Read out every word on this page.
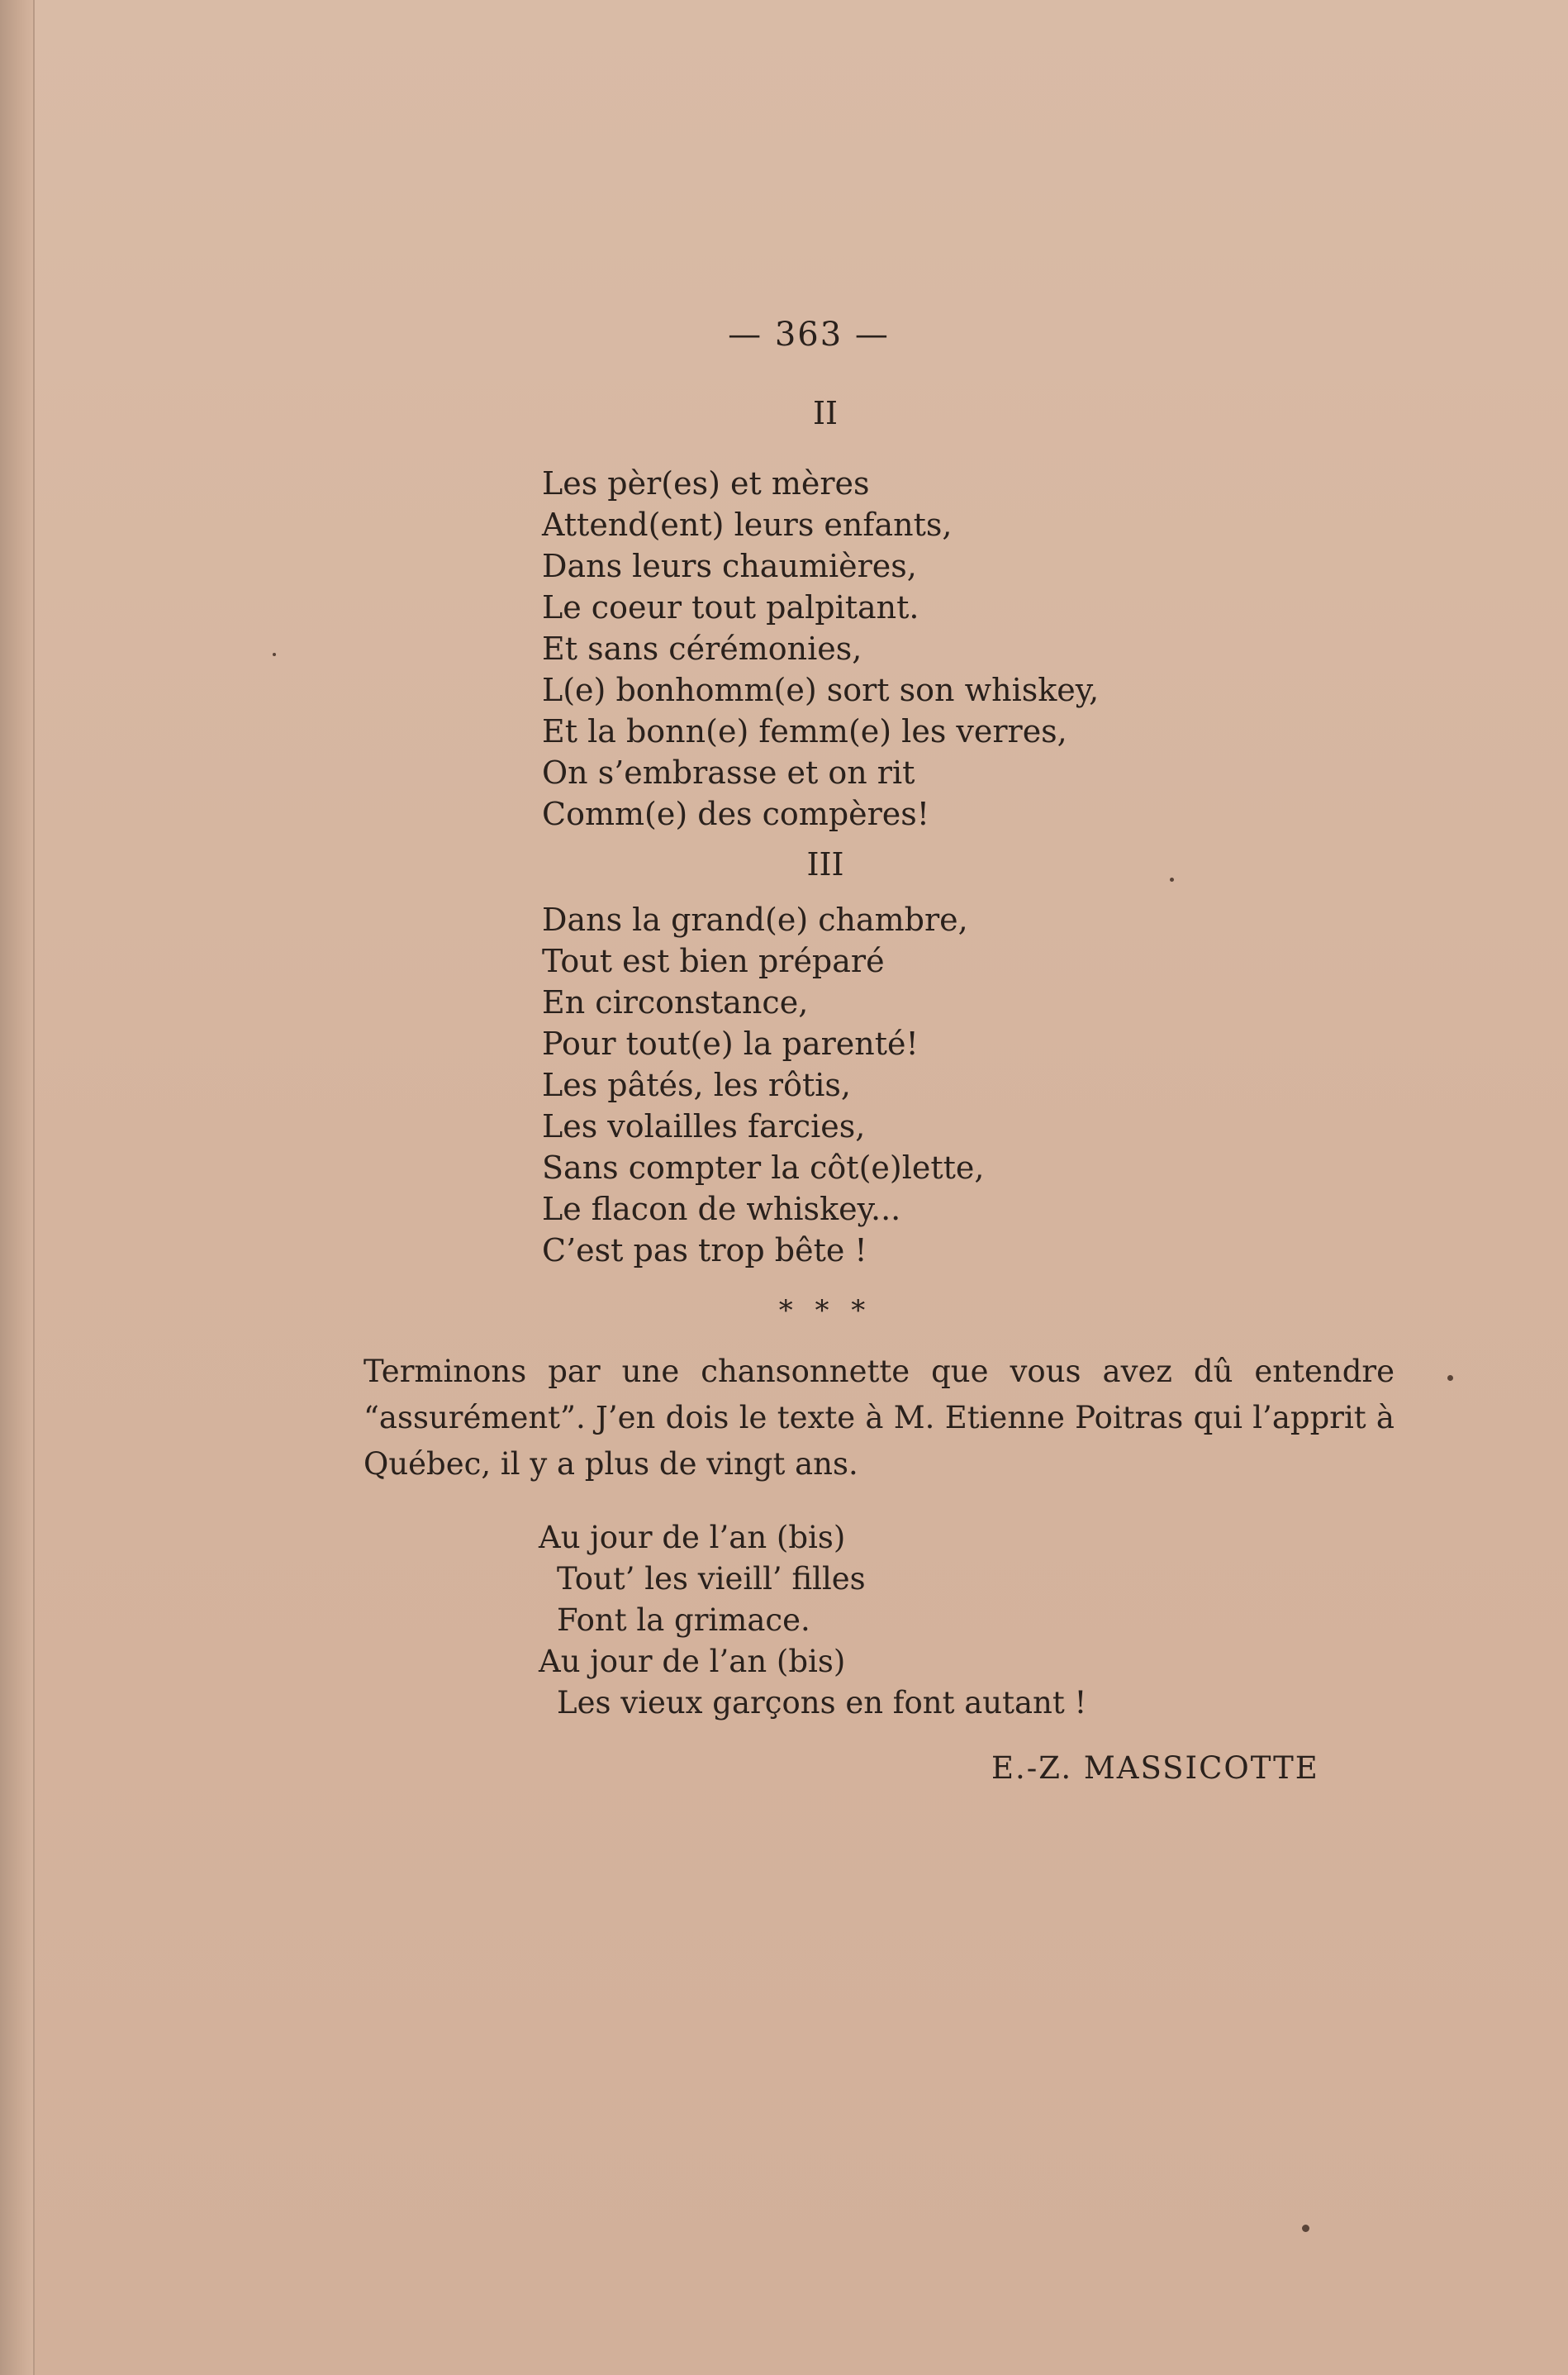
— 363 —
II
Les pèr(es) et mères
Attend(ent) leurs enfants,
Dans leurs chaumières,
Le coeur tout palpitant.
Et sans cérémonies,
L(e) bonhomm(e) sort son whiskey,
Et la bonn(e) femm(e) les verres,
On s’embrasse et on rit
Comm(e) des compères!
III
Dans la grand(e) chambre,
Tout est bien préparé
En circonstance,
Pour tout(e) la parenté!
Les pâtés, les rôtis,
Les volailles farcies,
Sans compter la côt(e)lette,
Le flacon de whiskey...
C’est pas trop bête !
* * *
Terminons par une chansonnette que vous avez dû entendre “assurément”. J’en dois le texte à M. Etienne Poitras qui l’apprit à Québec, il y a plus de vingt ans.
Au jour de l’an (bis)
Tout’ les vieill’ filles
Font la grimace.
Au jour de l’an (bis)
Les vieux garçons en font autant !
E.-Z. MASSICOTTE
